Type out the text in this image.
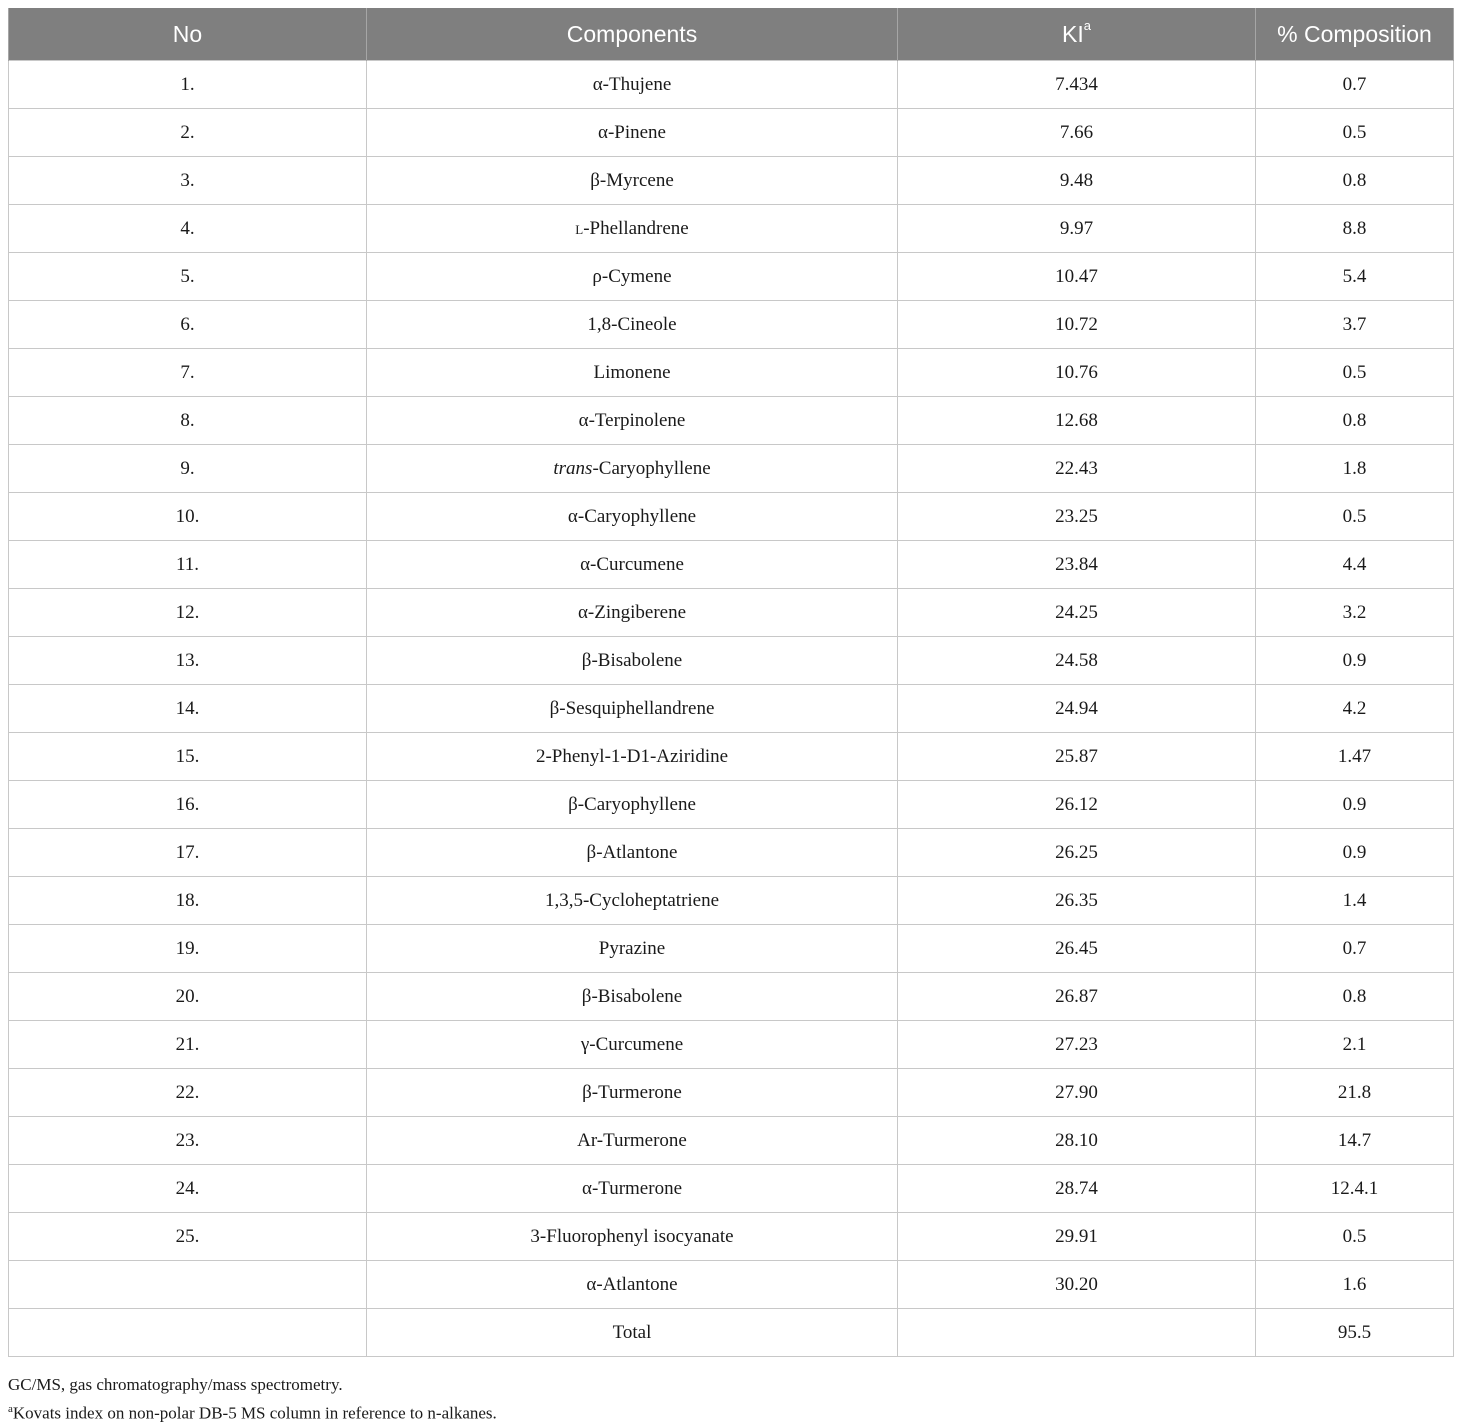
No	Components	$KI^a$	% Composition
1.	α-Thujene	7.434	0.7
2.	α-Pinene	7.66	0.5
3.	β-Myrcene	9.48	0.8
4.	l-Phellandrene	9.97	8.8
5.	ρ-Cymene	10.47	5.4
6.	1,8-Cineole	10.72	3.7
7.	Limonene	10.76	0.5
8.	α-Terpinolene	12.68	0.8
9.	trans-Caryophyllene	22.43	1.8
10.	α-Caryophyllene	23.25	0.5
11.	α-Curcumene	23.84	4.4
12.	α-Zingiberene	24.25	3.2
13.	β-Bisabolene	24.58	0.9
14.	β-Sesquiphellandrene	24.94	4.2
15.	2-Phenyl-1-D1-Aziridine	25.87	1.47
16.	β-Caryophyllene	26.12	0.9
17.	β-Atlantone	26.25	0.9
18.	1,3,5-Cycloheptatriene	26.35	1.4
19.	Pyrazine	26.45	0.7
20.	β-Bisabolene	26.87	0.8
21.	γ-Curcumene	27.23	2.1
22.	β-Turmerone	27.90	21.8
23.	Ar-Turmerone	28.10	14.7
24.	α-Turmerone	28.74	12.4.1
25.	3-Fluorophenyl isocyanate	29.91	0.5
	α-Atlantone	30.20	1.6
	Total		95.5
GC/MS, gas chromatography/mass spectrometry.
$^a$Kovats index on non-polar DB-5 MS column in reference to n-alkanes.
